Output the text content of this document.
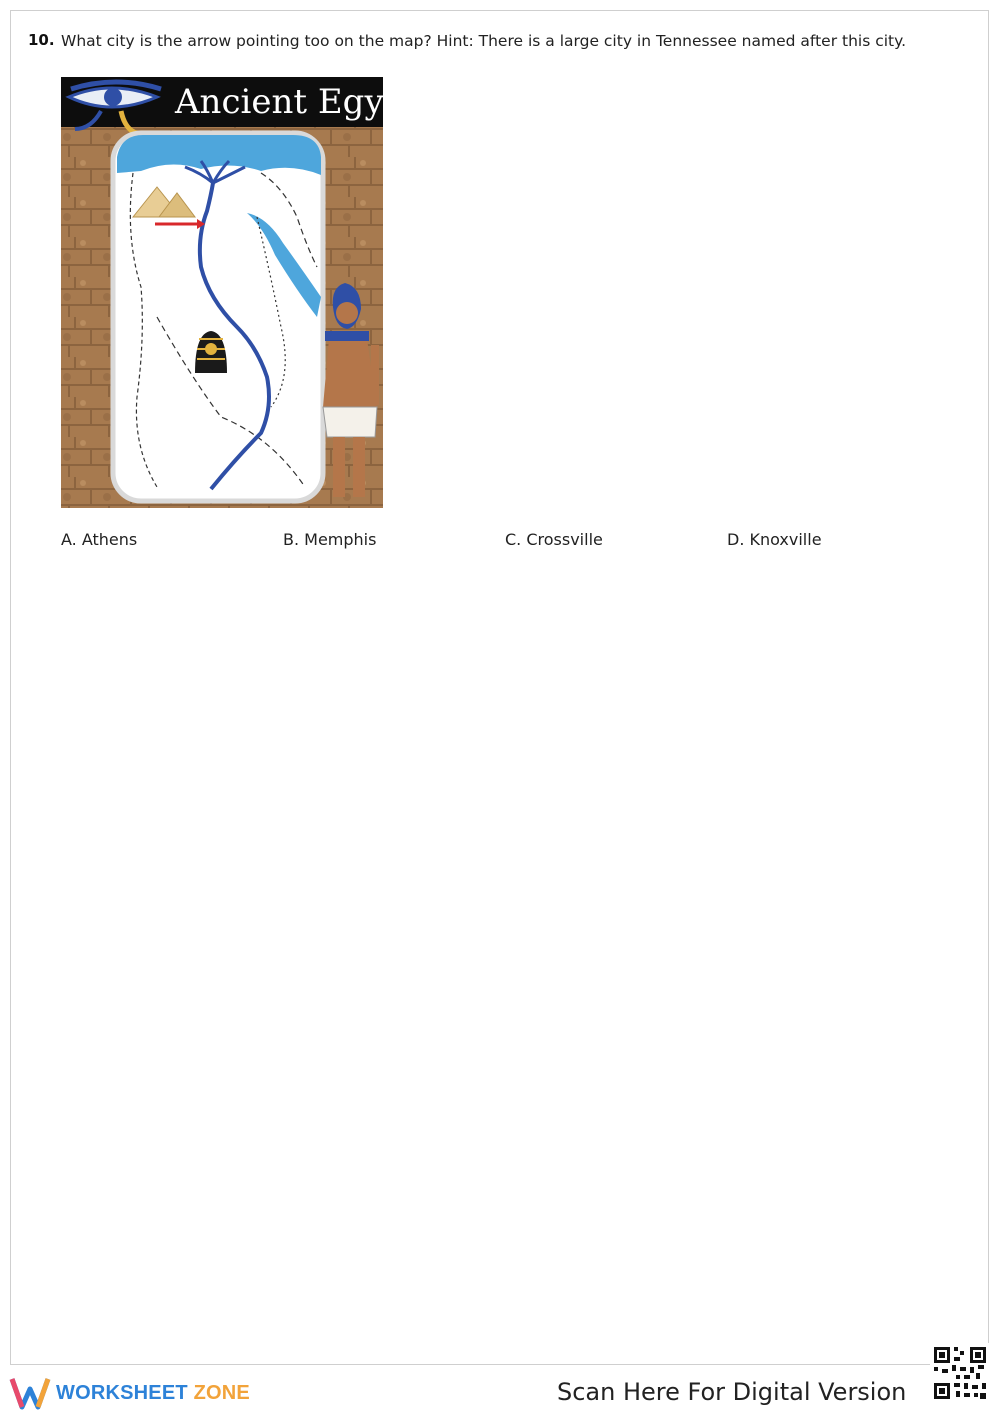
10. What city is the arrow pointing too on the map? Hint: There is a large city in Tennessee named after this city.
Ancient Egypt
A. Athens	B. Memphis	C. Crossville	D. Knoxville
WORKSHEET ZONE	Scan Here For Digital Version
